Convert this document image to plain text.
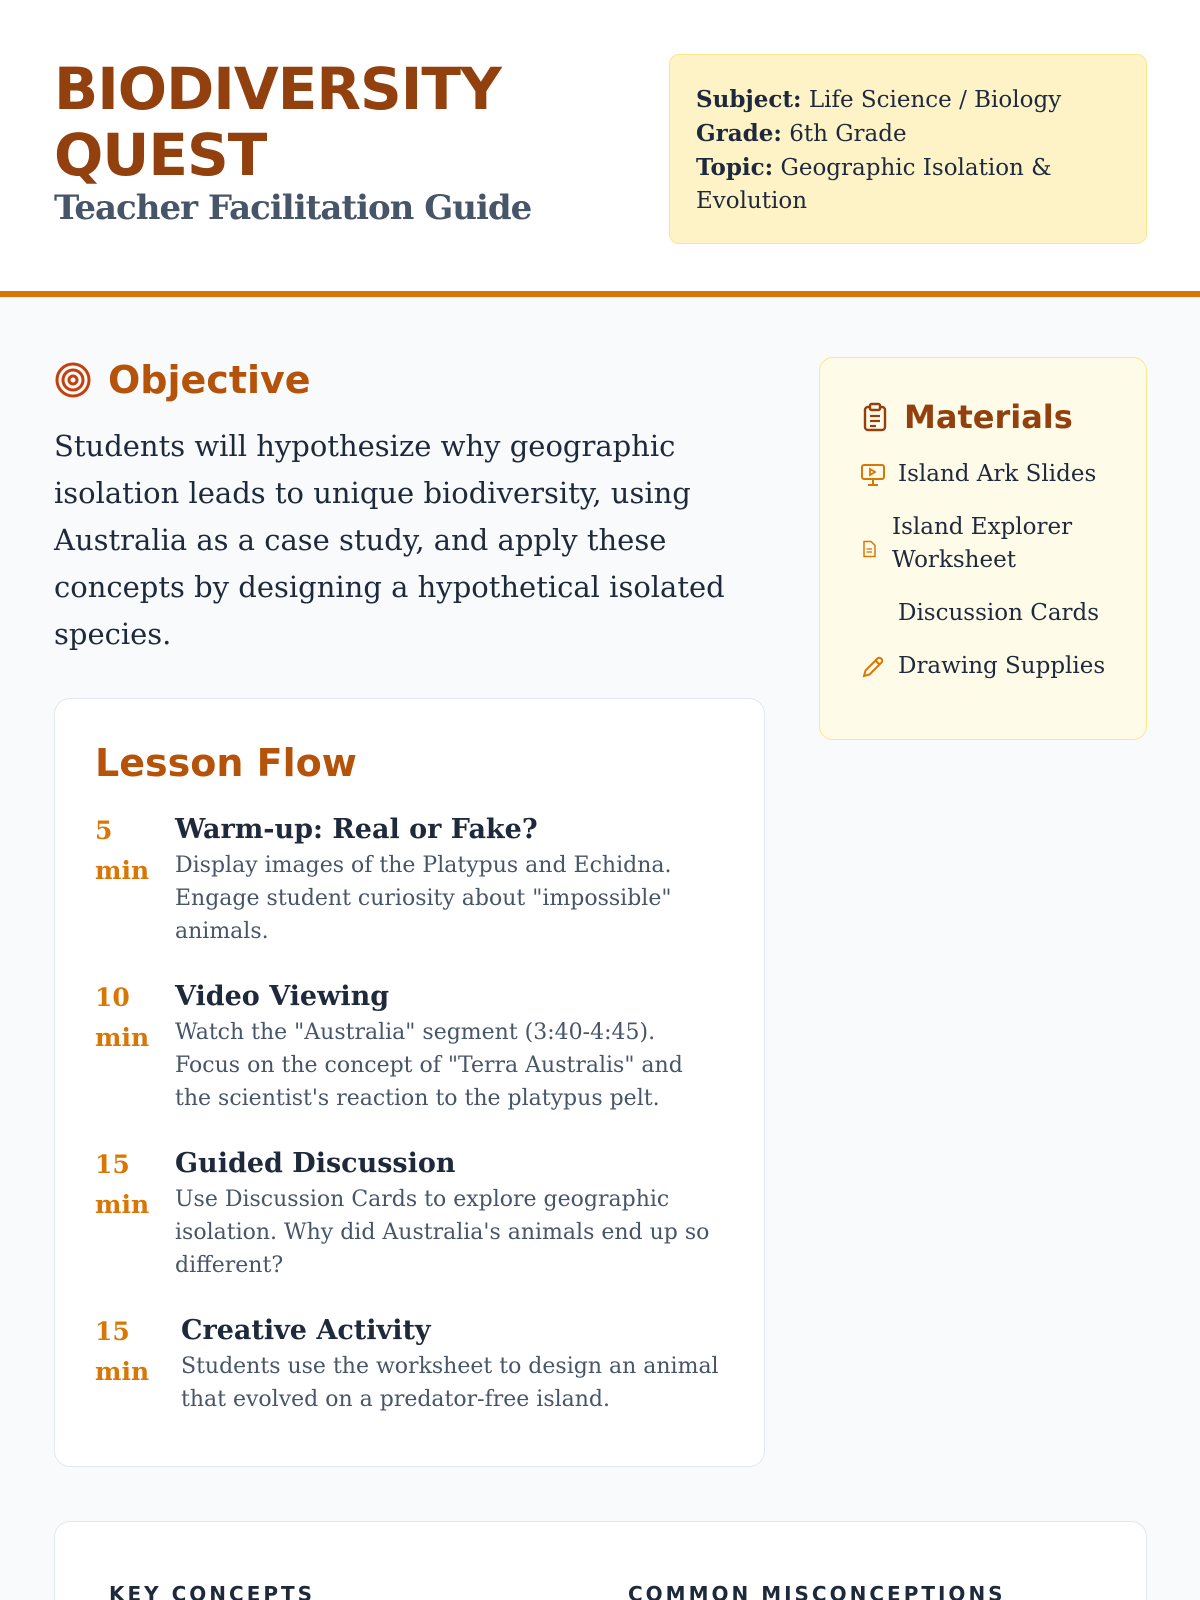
BIODIVERSITY
QUEST
Teacher Facilitation Guide
Subject: Life Science / Biology
Grade: 6th Grade
Topic: Geographic Isolation & Evolution
Objective
Students will hypothesize why geographic isolation leads to unique biodiversity, using Australia as a case study, and apply these concepts by designing a hypothetical isolated species.
Materials
Island Ark Slides
Island Explorer Worksheet
Discussion Cards
Drawing Supplies
Lesson Flow
5 min
Warm-up: Real or Fake?
Display images of the Platypus and Echidna. Engage student curiosity about "impossible" animals.
10 min
Video Viewing
Watch the "Australia" segment (3:40-4:45). Focus on the concept of "Terra Australis" and the scientist's reaction to the platypus pelt.
15 min
Guided Discussion
Use Discussion Cards to explore geographic isolation. Why did Australia's animals end up so different?
15 min
Creative Activity
Students use the worksheet to design an animal that evolved on a predator-free island.
KEY CONCEPTS	COMMON MISCONCEPTIONS
